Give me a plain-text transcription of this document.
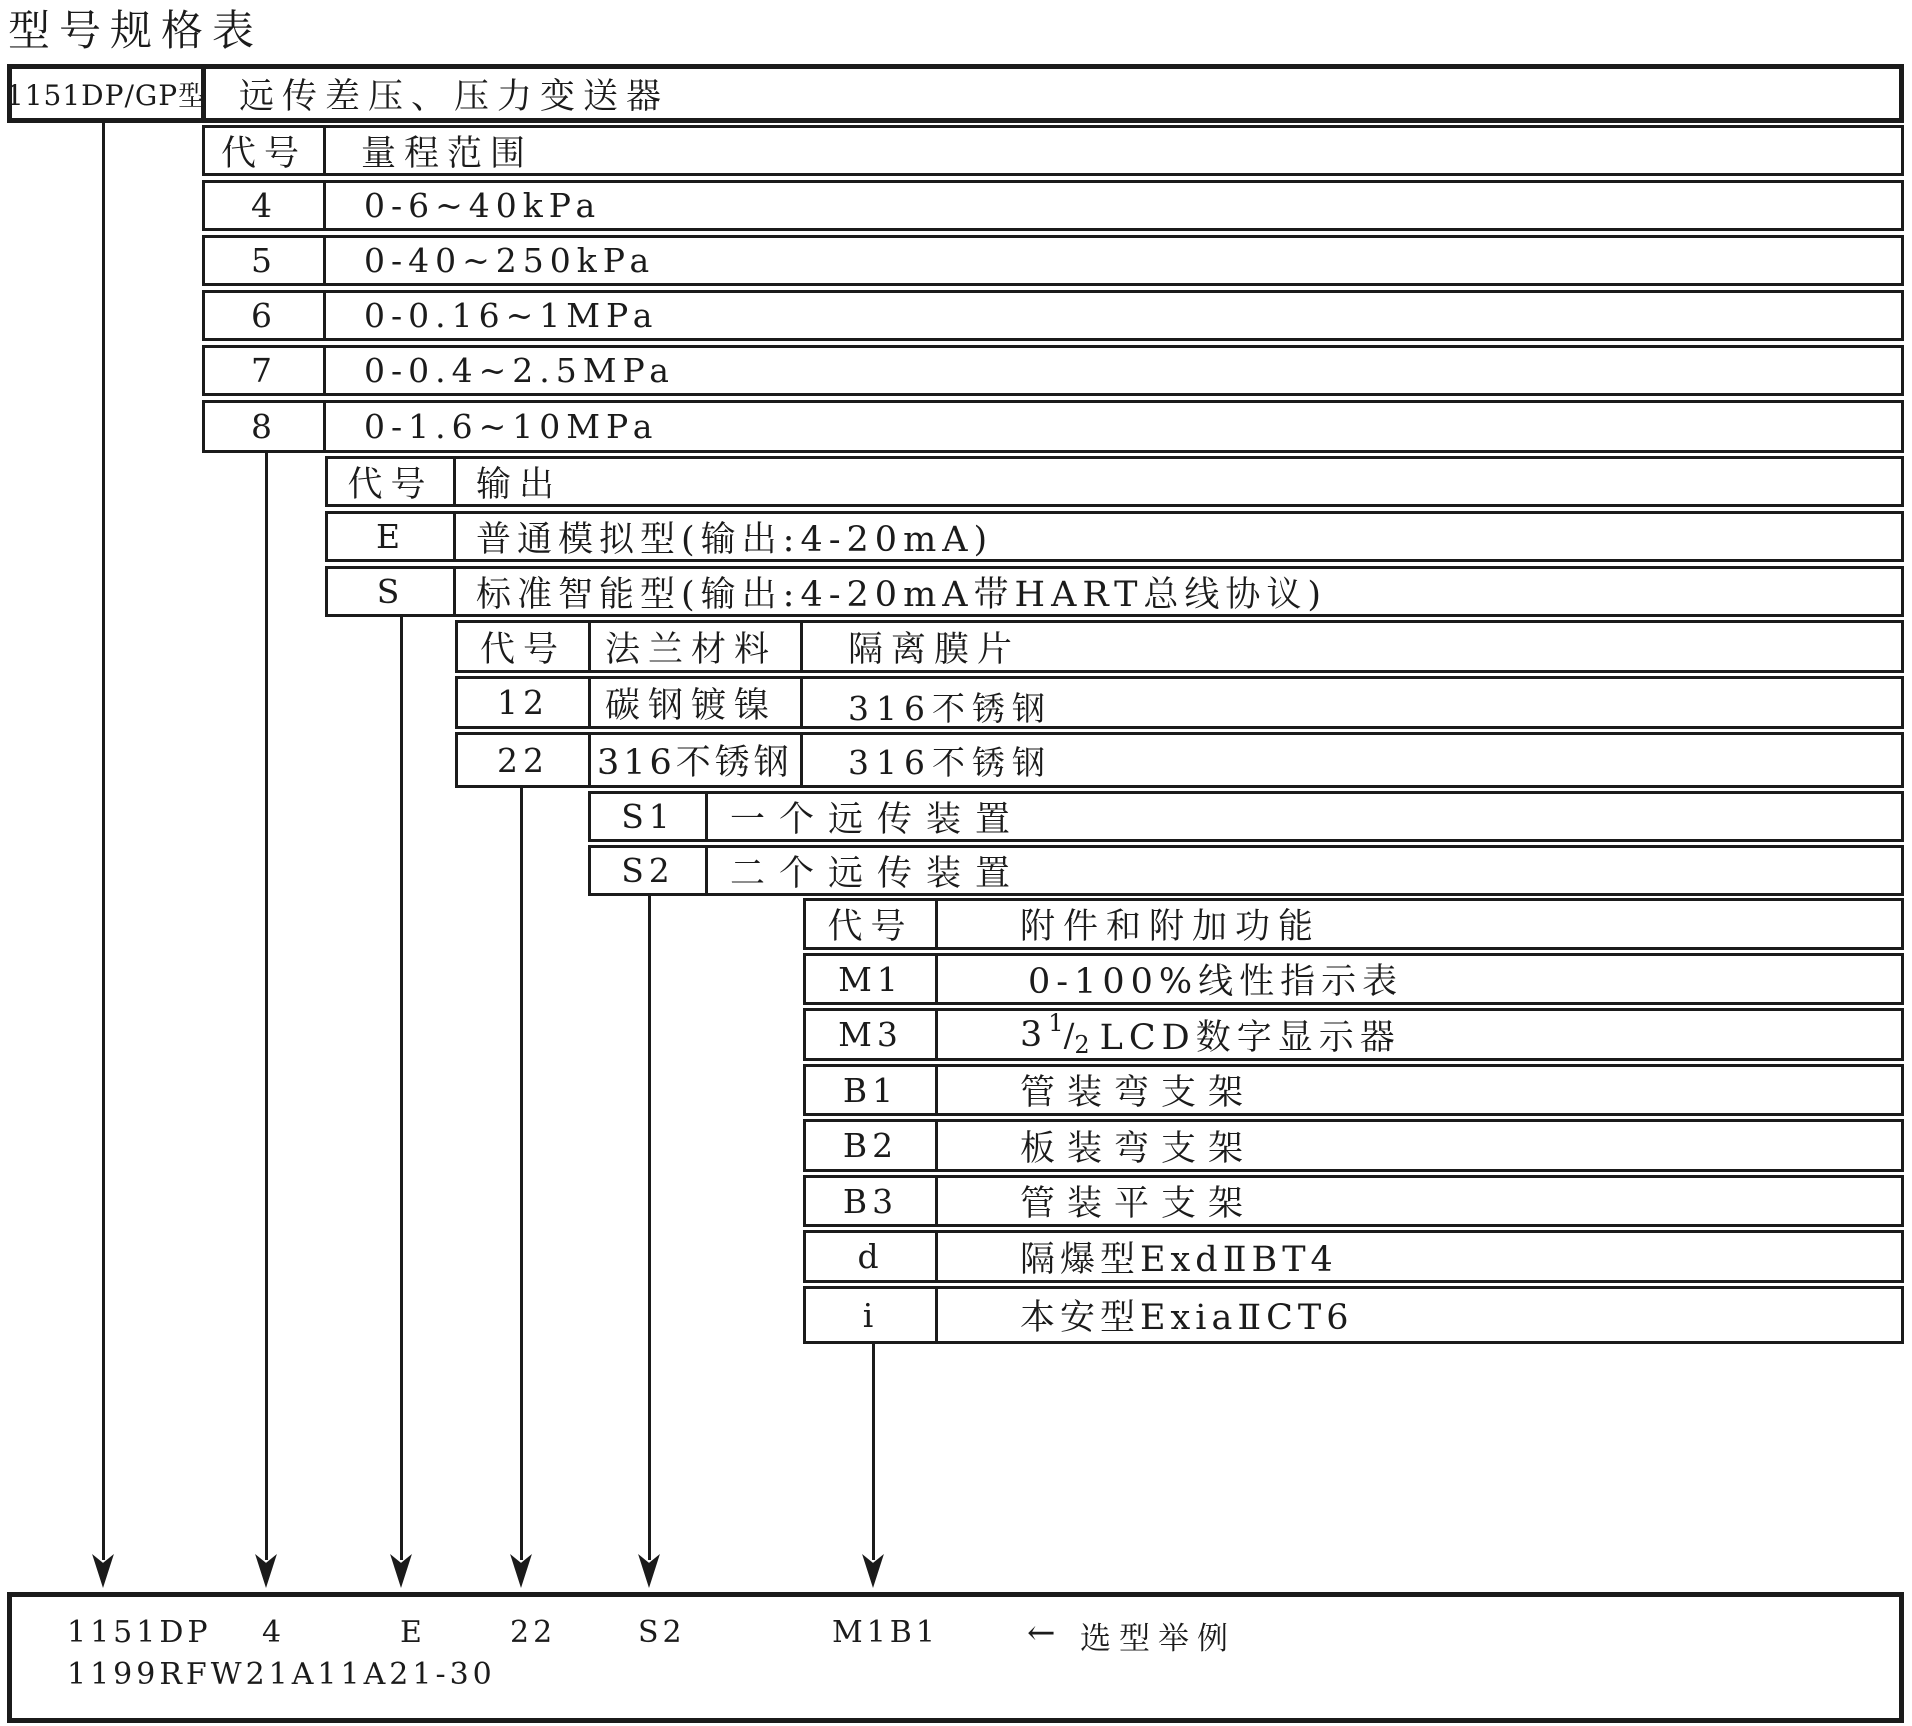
型号规格表
1151DP/GP型 远传差压、压力变送器
代号	量程范围
4	0-6~40kPa
5	0-40~250kPa
6	0-0.16~1MPa
7	0-0.4~2.5MPa
8	0-1.6~10MPa
代号	输出
E	普通模拟型(输出:4-20mA)
S	标准智能型(输出:4-20mA带HART总线协议)
代号	法兰材料	隔离膜片
12	碳钢镀镍	316不锈钢
22	316不锈钢	316不锈钢
S1	一个远传装置
S2	二个远传装置
代号	附件和附加功能
M1	0-100%线性指示表
M3	3 1 / 2 LCD数字显示器
B1	管装弯支架
B2	板装弯支架
B3	管装平支架
d	隔爆型ExdⅡBT4
i	本安型ExiaⅡCT6
1151DP 4	E	22	S2	M1B1	← 选型举例
1199RFW21A11A21-30
